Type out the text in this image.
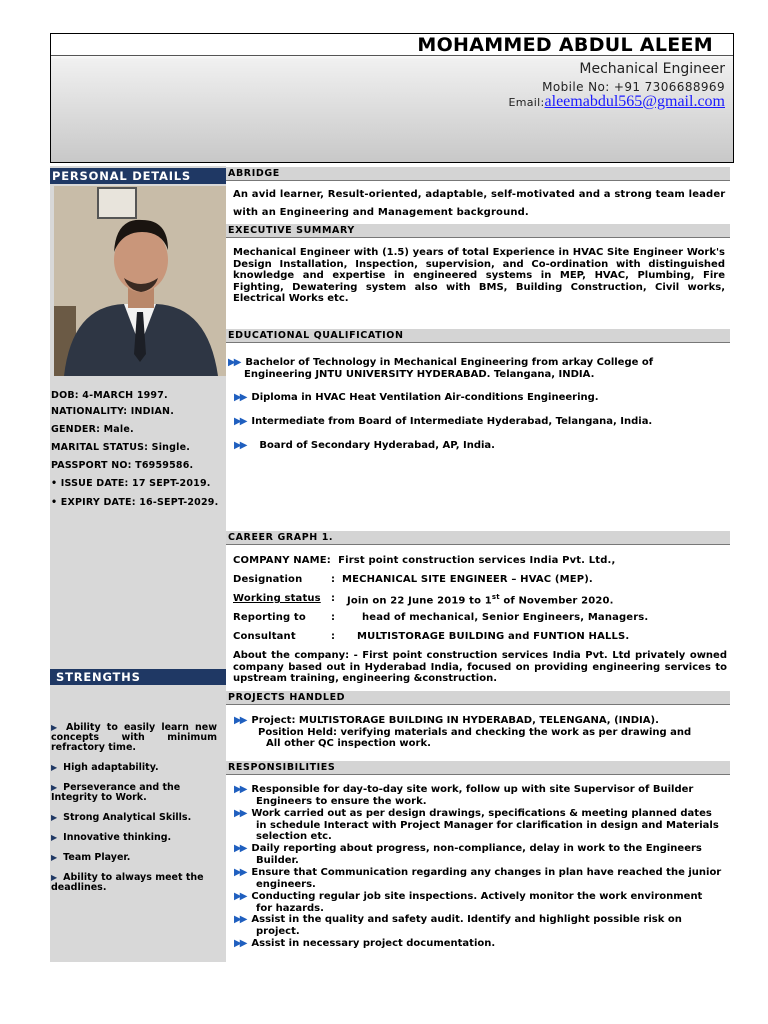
MOHAMMED ABDUL ALEEM
Mechanical Engineer
Mobile No: +91 7306688969
Email:aleemabdul565@gmail.com
PERSONAL DETAILS
DOB: 4-MARCH 1997.
NATIONALITY: INDIAN.
GENDER: Male.
MARITAL STATUS: Single.
PASSPORT NO: T6959586.
• ISSUE DATE: 17 SEPT-2019.
• EXPIRY DATE: 16-SEPT-2029.
STRENGTHS
▶ Ability to easily learn new concepts with minimum refractory time.
▶ High adaptability.
▶ Perseverance and the Integrity to Work.
▶ Strong Analytical Skills.
▶ Innovative thinking.
▶ Team Player.
▶ Ability to always meet the deadlines.
ABRIDGE
An avid learner, Result-oriented, adaptable, self-motivated and a strong team leader
with an Engineering and Management background.
EXECUTIVE SUMMARY
Mechanical Engineer with (1.5) years of total Experience in HVAC Site Engineer Work's Design Installation, Inspection, supervision, and Co-ordination with distinguished knowledge and expertise in engineered systems in MEP, HVAC, Plumbing, Fire Fighting, Dewatering system also with BMS, Building Construction, Civil works, Electrical Works etc.
EDUCATIONAL QUALIFICATION
▶▶ Bachelor of Technology in Mechanical Engineering from arkay College of
Engineering JNTU UNIVERSITY HYDERABAD. Telangana, INDIA.
▶▶ Diploma in HVAC Heat Ventilation Air-conditions Engineering.
▶▶ Intermediate from Board of Intermediate Hyderabad, Telangana, India.
▶▶ Board of Secondary Hyderabad, AP, India.
CAREER GRAPH 1.
COMPANY NAME: First point construction services India Pvt. Ltd.,
Designation	: MECHANICAL SITE ENGINEER – HVAC (MEP).
Working status : Join on 22 June 2019 to 1st of November 2020.
Reporting to	:	head of mechanical, Senior Engineers, Managers.
Consultant	: MULTISTORAGE BUILDING and FUNTION HALLS.
About the company: - First point construction services India Pvt. Ltd privately owned company based out in Hyderabad India, focused on providing engineering services to upstream training, engineering &construction.
PROJECTS HANDLED
▶▶ Project: MULTISTORAGE BUILDING IN HYDERABAD, TELENGANA, (INDIA).
Position Held: verifying materials and checking the work as per drawing and
All other QC inspection work.
RESPONSIBILITIES
▶▶ Responsible for day-to-day site work, follow up with site Supervisor of Builder
Engineers to ensure the work.
▶▶ Work carried out as per design drawings, specifications & meeting planned dates
in schedule Interact with Project Manager for clarification in design and Materials
selection etc.
▶▶ Daily reporting about progress, non-compliance, delay in work to the Engineers
Builder.
▶▶ Ensure that Communication regarding any changes in plan have reached the junior
engineers.
▶▶ Conducting regular job site inspections. Actively monitor the work environment
for hazards.
▶▶ Assist in the quality and safety audit. Identify and highlight possible risk on
project.
▶▶ Assist in necessary project documentation.
